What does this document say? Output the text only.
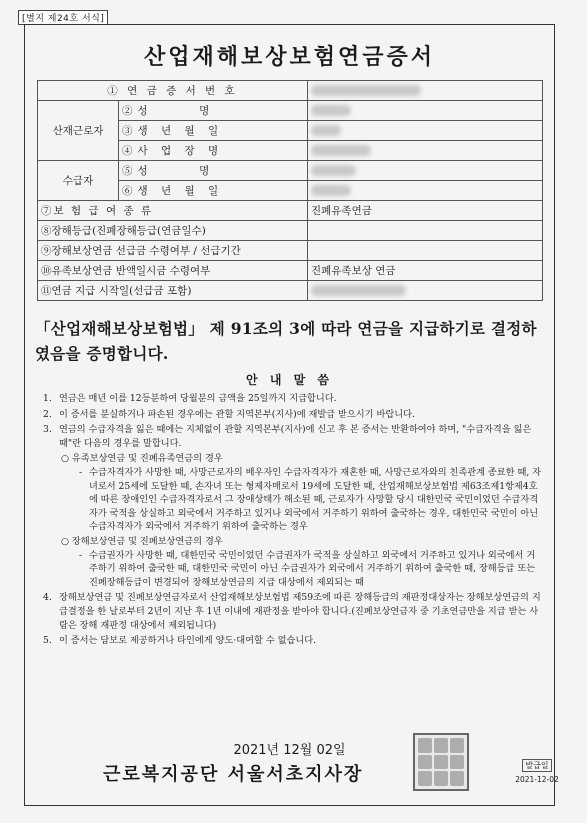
[별지 제24호 서식]
산업재해보상보험연금증서
① 연 금 증 서 번 호		
산재근로자	②성　　　명	
	③생 년 월 일	
	④사 업 장 명	
수급자	⑤성　　　명	
	⑥생 년 월 일	
⑦보 험 급 여 종 류		진폐유족연금
⑧장해등급(진폐장해등급(연금일수)		
⑨장해보상연금 선급금 수령여부 / 선급기간		
⑩유족보상연금 반액일시금 수령여부		진폐유족보상 연금
⑪연금 지급 시작일(선급금 포함)		
「산업재해보상보험법」 제 91조의 3에 따라 연금을 지급하기로 결정하였음을 증명합니다.
안 내 말 씀
1. 연금은 매년 이를 12등분하여 당월분의 금액을 25일까지 지급합니다.
2. 이 증서를 분실하거나 파손된 경우에는 관할 지역본부(지사)에 재발급 받으시기 바랍니다.
3. 연금의 수급자격을 잃은 때에는 지체없이 관할 지역본부(지사)에 신고 후 본 증서는 반환하여야 하며, "수급자격을 잃은 때"란 다음의 경우를 말합니다.
○ 유족보상연금 및 진폐유족연금의 경우
- 수급자격자가 사망한 때, 사망근로자의 배우자인 수급자격자가 재혼한 때, 사망근로자와의 친족관계 종료한 때, 자녀로서 25세에 도달한 때, 손자녀 또는 형제자매로서 19세에 도달한 때, 산업재해보상보험법 제63조제1항제4호에 따른 장애인인 수급자격자로서 그 장애상태가 해소된 때, 근로자가 사망할 당시 대한민국 국민이었던 수급자격자가 국적을 상실하고 외국에서 거주하고 있거나 외국에서 거주하기 위하여 출국하는 경우, 대한민국 국민이 아닌 수급자격자가 외국에서 거주하기 위하여 출국하는 경우
○ 장해보상연금 및 진폐보상연금의 경우
- 수급권자가 사망한 때, 대한민국 국민이었던 수급권자가 국적을 상실하고 외국에서 거주하고 있거나 외국에서 거주하기 위하여 출국한 때, 대한민국 국민이 아닌 수급권자가 외국에서 거주하기 위하여 출국한 때, 장해등급 또는 진폐장해등급이 변경되어 장해보상연금의 지급 대상에서 제외되는 때
4. 장해보상연금 및 진폐보상연금자로서 산업재해보상보험법 제59조에 따른 장해등급의 재판정대상자는 장해보상연금의 지급결정을 한 날로부터 2년이 지난 후 1년 이내에 재판정을 받아야 합니다.(진폐보상연금자 중 기초연금만을 지급 받는 사람은 장해 재판정 대상에서 제외됩니다)
5. 이 증서는 담보로 제공하거나 타인에게 양도·대여할 수 없습니다.
2021년 12월 02일
근로복지공단 서울서초지사장	발급일
2021-12-02
